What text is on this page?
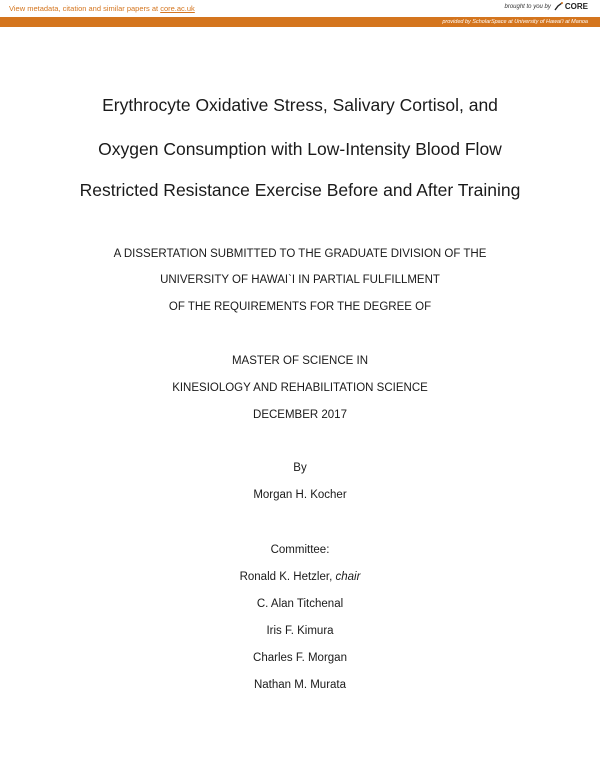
View metadata, citation and similar papers at core.ac.uk	brought to you by CORE
provided by ScholarSpace at University of Hawai'i at Manoa
Erythrocyte Oxidative Stress, Salivary Cortisol, and
Oxygen Consumption with Low-Intensity Blood Flow
Restricted Resistance Exercise Before and After Training
A DISSERTATION SUBMITTED TO THE GRADUATE DIVISION OF THE
UNIVERSITY OF HAWAI`I IN PARTIAL FULFILLMENT
OF THE REQUIREMENTS FOR THE DEGREE OF
MASTER OF SCIENCE IN
KINESIOLOGY AND REHABILITATION SCIENCE
DECEMBER 2017
By
Morgan H. Kocher
Committee:
Ronald K. Hetzler, chair
C. Alan Titchenal
Iris F. Kimura
Charles F. Morgan
Nathan M. Murata
